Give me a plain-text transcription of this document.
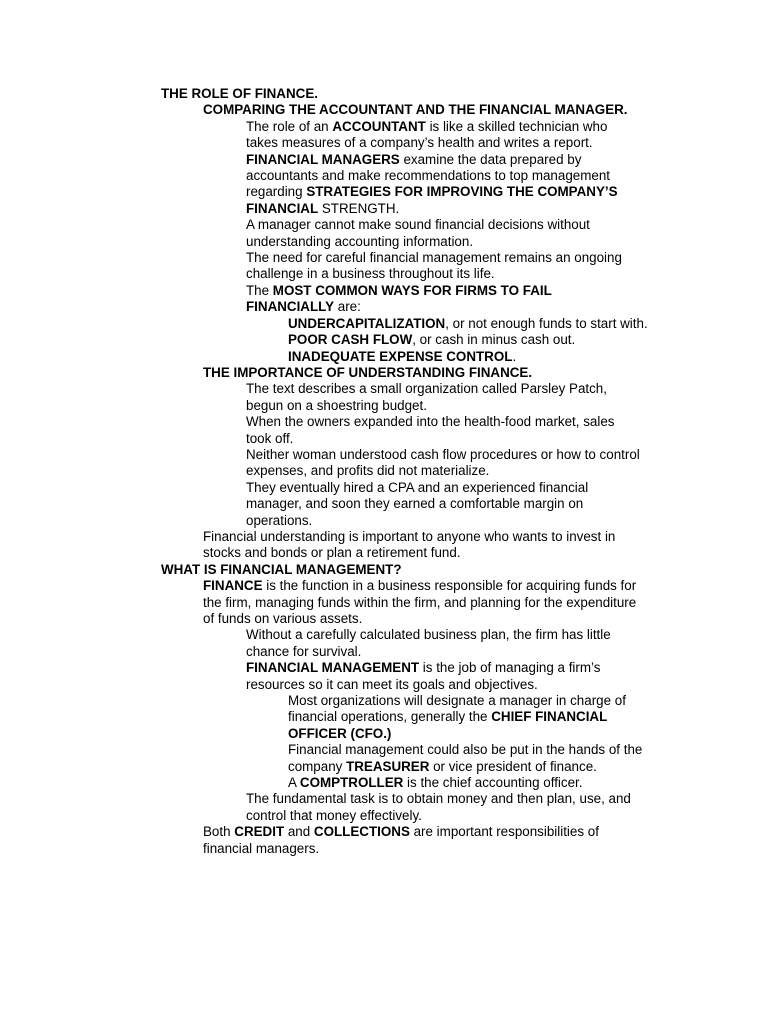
THE ROLE OF FINANCE.
COMPARING THE ACCOUNTANT AND THE FINANCIAL MANAGER.
The role of an ACCOUNTANT is like a skilled technician who takes measures of a company’s health and writes a report.
FINANCIAL MANAGERS examine the data prepared by accountants and make recommendations to top management regarding STRATEGIES FOR IMPROVING THE COMPANY’S FINANCIAL STRENGTH.
A manager cannot make sound financial decisions without understanding accounting information.
The need for careful financial management remains an ongoing challenge in a business throughout its life.
The MOST COMMON WAYS FOR FIRMS TO FAIL FINANCIALLY are:
UNDERCAPITALIZATION, or not enough funds to start with.
POOR CASH FLOW, or cash in minus cash out.
INADEQUATE EXPENSE CONTROL.
THE IMPORTANCE OF UNDERSTANDING FINANCE.
The text describes a small organization called Parsley Patch, begun on a shoestring budget.
When the owners expanded into the health-food market, sales took off.
Neither woman understood cash flow procedures or how to control expenses, and profits did not materialize.
They eventually hired a CPA and an experienced financial manager, and soon they earned a comfortable margin on operations.
Financial understanding is important to anyone who wants to invest in stocks and bonds or plan a retirement fund.
WHAT IS FINANCIAL MANAGEMENT?
FINANCE is the function in a business responsible for acquiring funds for the firm, managing funds within the firm, and planning for the expenditure of funds on various assets.
Without a carefully calculated business plan, the firm has little chance for survival.
FINANCIAL MANAGEMENT is the job of managing a firm’s resources so it can meet its goals and objectives.
Most organizations will designate a manager in charge of financial operations, generally the CHIEF FINANCIAL OFFICER (CFO.)
Financial management could also be put in the hands of the company TREASURER or vice president of finance.
A COMPTROLLER is the chief accounting officer.
The fundamental task is to obtain money and then plan, use, and control that money effectively.
Both CREDIT and COLLECTIONS are important responsibilities of financial managers.
